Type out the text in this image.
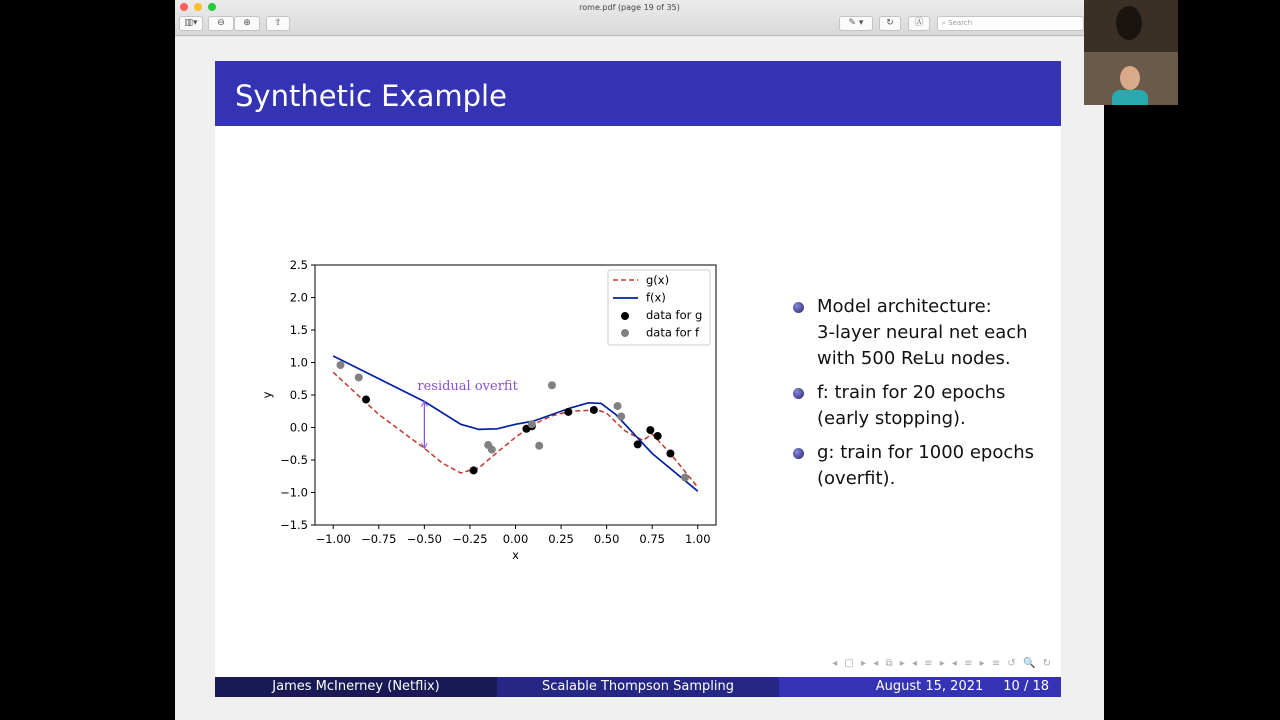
rome.pdf (page 19 of 35)
▥▾	⊖	⊕	⇧	✎ ▾	↻	Ⓐ	⌕ Search
Synthetic Example
Model architecture:
3-layer neural net each
with 500 ReLu nodes.
f: train for 20 epochs
(early stopping).
g: train for 1000 epochs
(overfit).
◂ □ ▸ ◂ ⧉ ▸ ◂ ≡ ▸ ◂ ≡ ▸ ≡ ↺ 🔍 ↻
James McInerney (Netflix)	Scalable Thompson Sampling	August 15, 2021 10 / 18
−1.00 −0.75 −0.50 −0.25 0.00 0.25 0.50 0.75 1.00
−1.5
−1.0
−0.5
0.0
0.5
1.0
1.5
2.0
2.5
x
y
residual overfit
g(x)
f(x)
data for g
data for f
